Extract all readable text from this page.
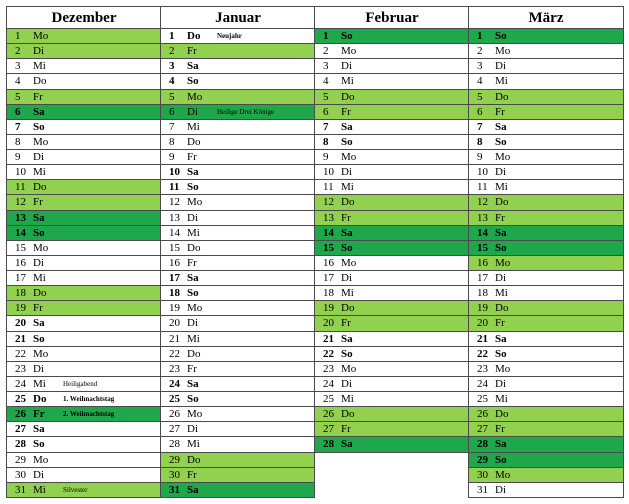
Dezember
1 Mo
2 Di
3 Mi
4 Do
5 Fr
6 Sa
7 So
8 Mo
9 Di
10 Mi
11 Do
12 Fr
13 Sa
14 So
15 Mo
16 Di
17 Mi
18 Do
19 Fr
20 Sa
21 So
22 Mo
23 Di
24 Mi Heiligabend
25 Do 1. Weihnachtstag
26 Fr	2. Weihnachtstag
27 Sa
28 So
29 Mo
30 Di
31 Mi Silvester
Januar
1 Do Neujahr
2 Fr
3 Sa
4 So
5 Mo
6 Di	Heilige Drei Könige
7 Mi
8 Do
9 Fr
10 Sa
11 So
12 Mo
13 Di
14 Mi
15 Do
16 Fr
17 Sa
18 So
19 Mo
20 Di
21 Mi
22 Do
23 Fr
24 Sa
25 So
26 Mo
27 Di
28 Mi
29 Do
30 Fr
31 Sa
Februar
1 So
2 Mo
3 Di
4 Mi
5 Do
6 Fr
7 Sa
8 So
9 Mo
10 Di
11 Mi
12 Do
13 Fr
14 Sa
15 So
16 Mo
17 Di
18 Mi
19 Do
20 Fr
21 Sa
22 So
23 Mo
24 Di
25 Mi
26 Do
27 Fr
28 Sa
März
1 So
2 Mo
3 Di
4 Mi
5 Do
6 Fr
7 Sa
8 So
9 Mo
10 Di
11 Mi
12 Do
13 Fr
14 Sa
15 So
16 Mo
17 Di
18 Mi
19 Do
20 Fr
21 Sa
22 So
23 Mo
24 Di
25 Mi
26 Do
27 Fr
28 Sa
29 So
30 Mo
31 Di
